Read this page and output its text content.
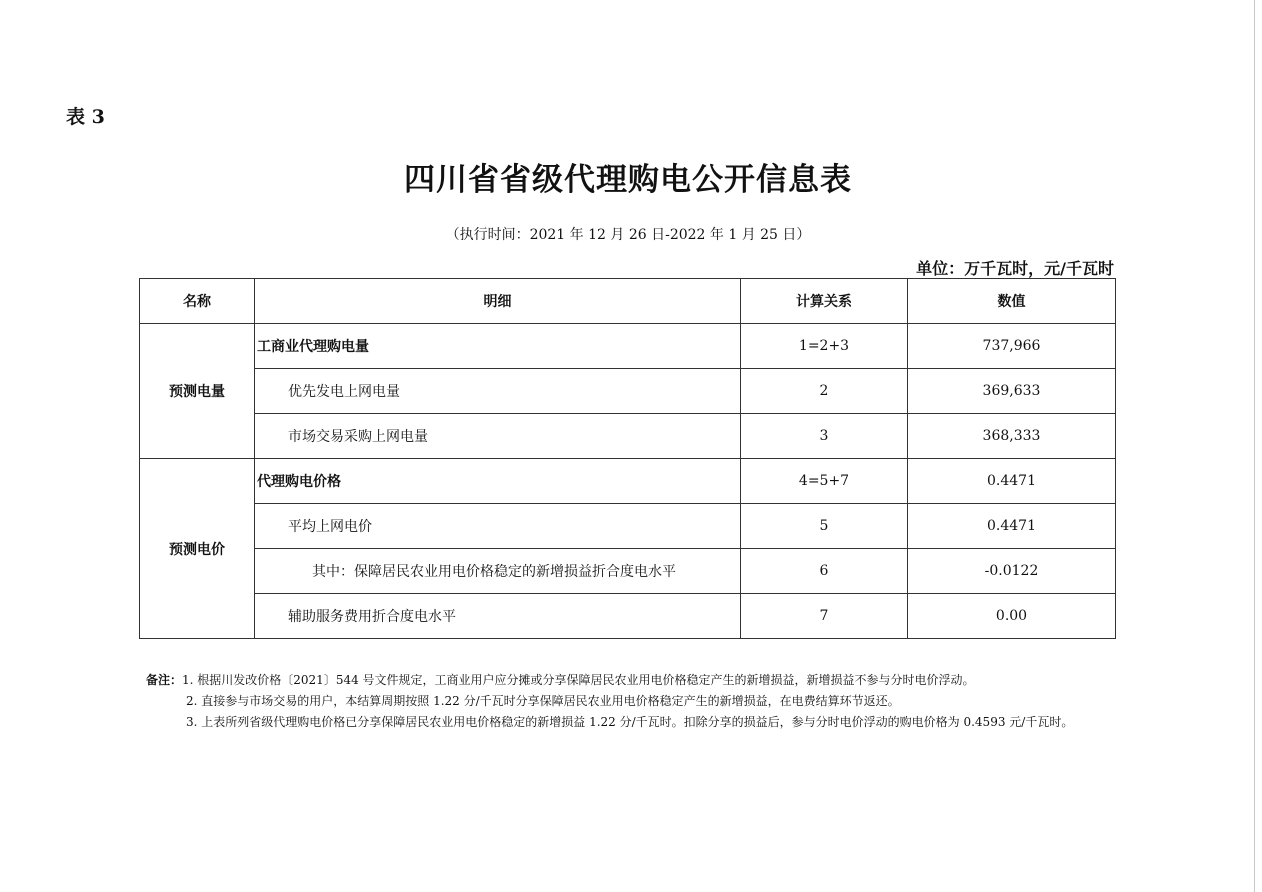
表 3
四川省省级代理购电公开信息表
（执行时间：2021 年 12 月 26 日-2022 年 1 月 25 日）
单位：万千瓦时，元/千瓦时
名称	明细	计算关系	数值
预测电量	工商业代理购电量	1=2+3	737,966
	优先发电上网电量	2	369,633
	市场交易采购上网电量	3	368,333
预测电价	代理购电价格	4=5+7	0.4471
	平均上网电价	5	0.4471
	其中：保障居民农业用电价格稳定的新增损益折合度电水平	6	-0.0122
	辅助服务费用折合度电水平	7	0.00
备注：1. 根据川发改价格〔2021〕544 号文件规定，工商业用户应分摊或分享保障居民农业用电价格稳定产生的新增损益，新增损益不参与分时电价浮动。
2. 直接参与市场交易的用户，本结算周期按照 1.22 分/千瓦时分享保障居民农业用电价格稳定产生的新增损益，在电费结算环节返还。
3. 上表所列省级代理购电价格已分享保障居民农业用电价格稳定的新增损益 1.22 分/千瓦时。扣除分享的损益后，参与分时电价浮动的购电价格为 0.4593 元/千瓦时。
